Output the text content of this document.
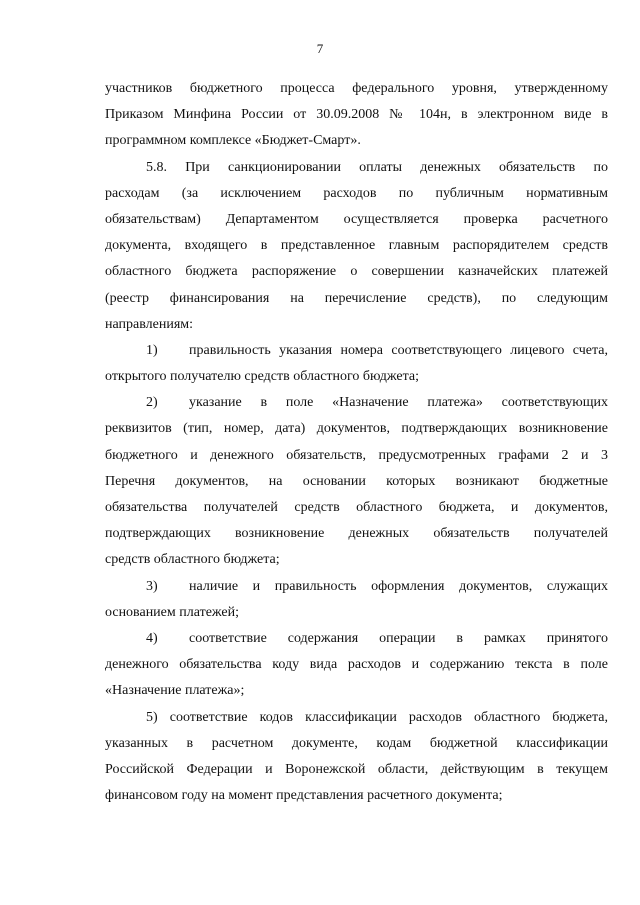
7
участников бюджетного процесса федерального уровня, утвержденному
Приказом Минфина России от 30.09.2008 № 104н, в электронном виде в
программном комплексе «Бюджет-Смарт».
5.8. При санкционировании оплаты денежных обязательств по
расходам (за исключением расходов по публичным нормативным
обязательствам) Департаментом осуществляется проверка расчетного
документа, входящего в представленное главным распорядителем средств
областного бюджета распоряжение о совершении казначейских платежей
(реестр финансирования на перечисление средств), по следующим
направлениям:
1)	правильность указания номера соответствующего лицевого счета,
открытого получателю средств областного бюджета;
2)	указание в поле «Назначение платежа» соответствующих
реквизитов (тип, номер, дата) документов, подтверждающих возникновение
бюджетного и денежного обязательств, предусмотренных графами 2 и 3
Перечня документов, на основании которых возникают бюджетные
обязательства получателей средств областного бюджета, и документов,
подтверждающих возникновение денежных обязательств получателей
средств областного бюджета;
3)	наличие и правильность оформления документов, служащих
основанием платежей;
4)	соответствие содержания операции в рамках принятого
денежного обязательства коду вида расходов и содержанию текста в поле
«Назначение платежа»;
5) соответствие кодов классификации расходов областного бюджета,
указанных в расчетном документе, кодам бюджетной классификации
Российской Федерации и Воронежской области, действующим в текущем
финансовом году на момент представления расчетного документа;
